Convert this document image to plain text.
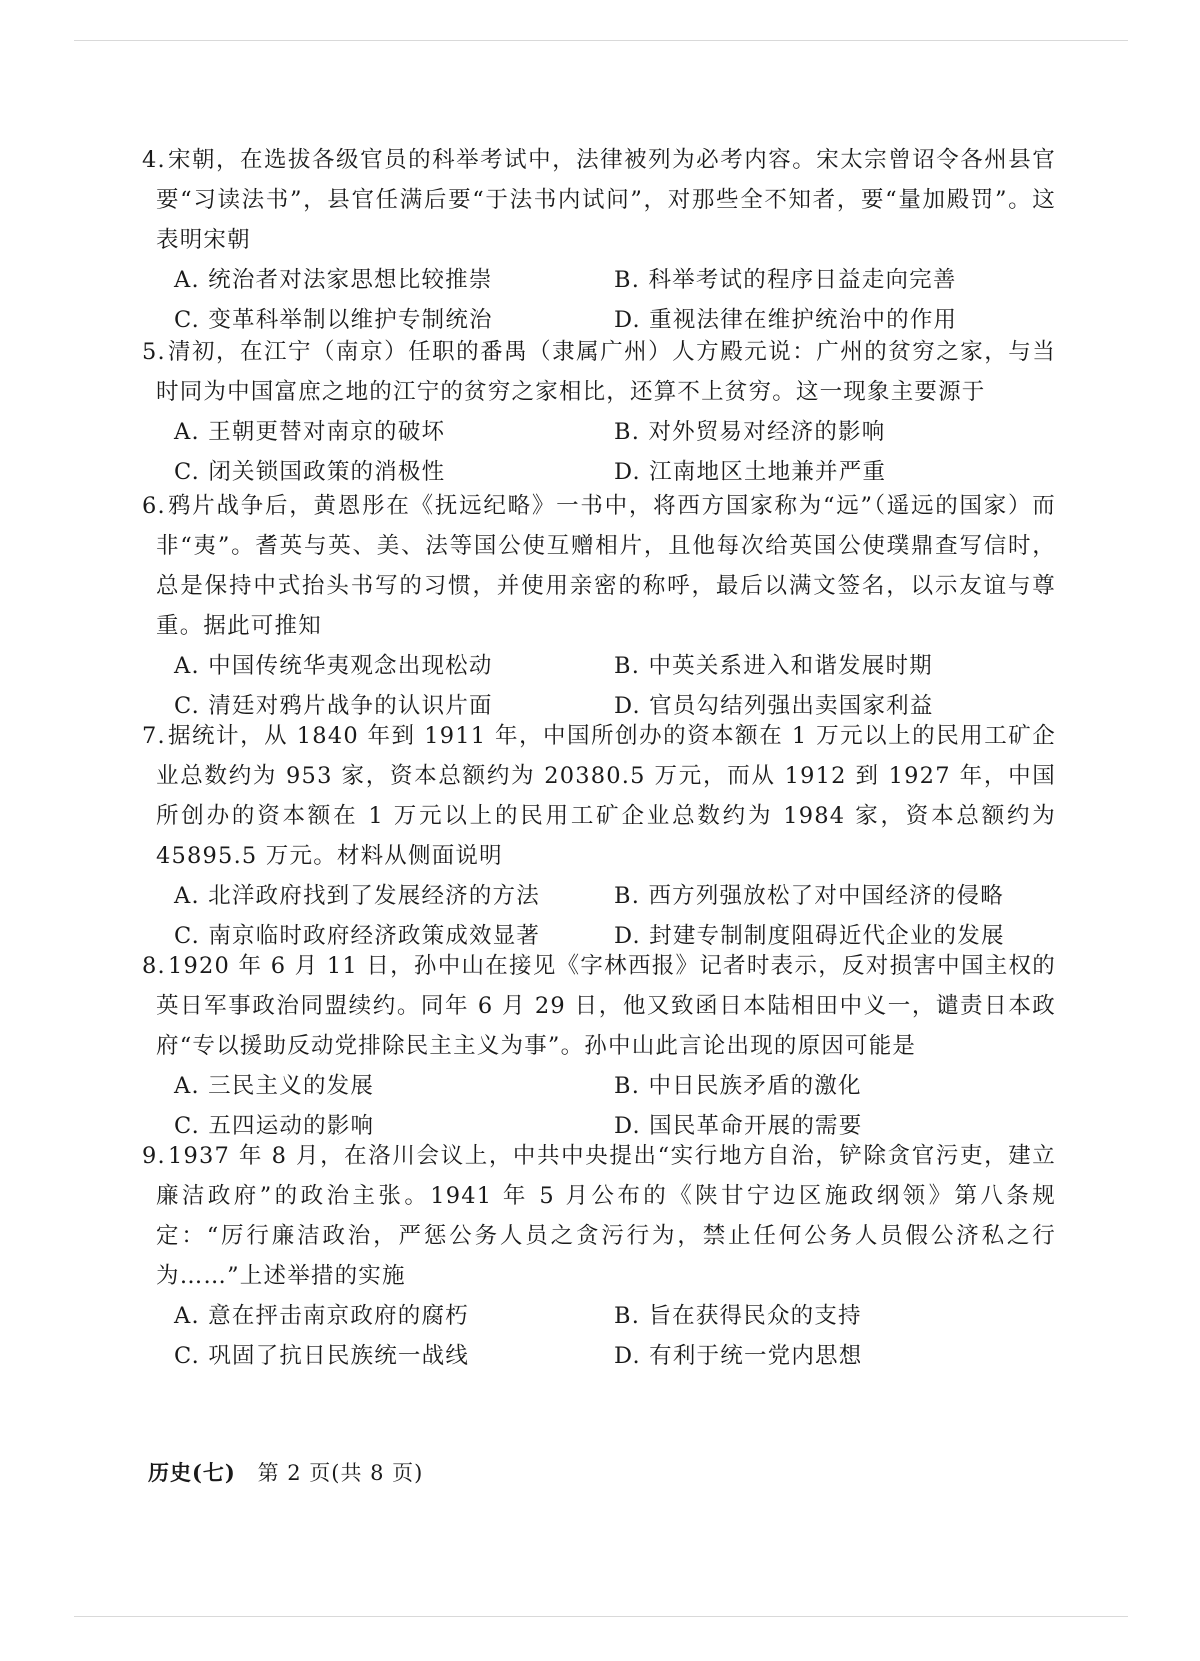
4. 宋朝，在选拔各级官员的科举考试中，法律被列为必考内容。宋太宗曾诏令各州县官要“习读法书”，县官任满后要“于法书内试问”，对那些全不知者，要“量加殿罚”。这表明宋朝
A. 统治者对法家思想比较推崇	B. 科举考试的程序日益走向完善
C. 变革科举制以维护专制统治	D. 重视法律在维护统治中的作用
5. 清初，在江宁（南京）任职的番禺（隶属广州）人方殿元说：广州的贫穷之家，与当时同为中国富庶之地的江宁的贫穷之家相比，还算不上贫穷。这一现象主要源于
A. 王朝更替对南京的破坏	B. 对外贸易对经济的影响
C. 闭关锁国政策的消极性	D. 江南地区土地兼并严重
6. 鸦片战争后，黄恩彤在《抚远纪略》一书中，将西方国家称为“远”（遥远的国家）而非“夷”。耆英与英、美、法等国公使互赠相片，且他每次给英国公使璞鼎查写信时，总是保持中式抬头书写的习惯，并使用亲密的称呼，最后以满文签名，以示友谊与尊重。据此可推知
A. 中国传统华夷观念出现松动	B. 中英关系进入和谐发展时期
C. 清廷对鸦片战争的认识片面	D. 官员勾结列强出卖国家利益
7. 据统计，从 1840 年到 1911 年，中国所创办的资本额在 1 万元以上的民用工矿企业总数约为 953 家，资本总额约为 20380.5 万元，而从 1912 到 1927 年，中国所创办的资本额在 1 万元以上的民用工矿企业总数约为 1984 家，资本总额约为 45895.5 万元。材料从侧面说明
A. 北洋政府找到了发展经济的方法	B. 西方列强放松了对中国经济的侵略
C. 南京临时政府经济政策成效显著	D. 封建专制制度阻碍近代企业的发展
8. 1920 年 6 月 11 日，孙中山在接见《字林西报》记者时表示，反对损害中国主权的英日军事政治同盟续约。同年 6 月 29 日，他又致函日本陆相田中义一，谴责日本政府“专以援助反动党排除民主主义为事”。孙中山此言论出现的原因可能是
A. 三民主义的发展	B. 中日民族矛盾的激化
C. 五四运动的影响	D. 国民革命开展的需要
9. 1937 年 8 月，在洛川会议上，中共中央提出“实行地方自治，铲除贪官污吏，建立廉洁政府”的政治主张。1941 年 5 月公布的《陕甘宁边区施政纲领》第八条规定：“厉行廉洁政治，严惩公务人员之贪污行为，禁止任何公务人员假公济私之行为……”上述举措的实施
A. 意在抨击南京政府的腐朽	B. 旨在获得民众的支持
C. 巩固了抗日民族统一战线	D. 有利于统一党内思想
历史(七) 第 2 页(共 8 页)
